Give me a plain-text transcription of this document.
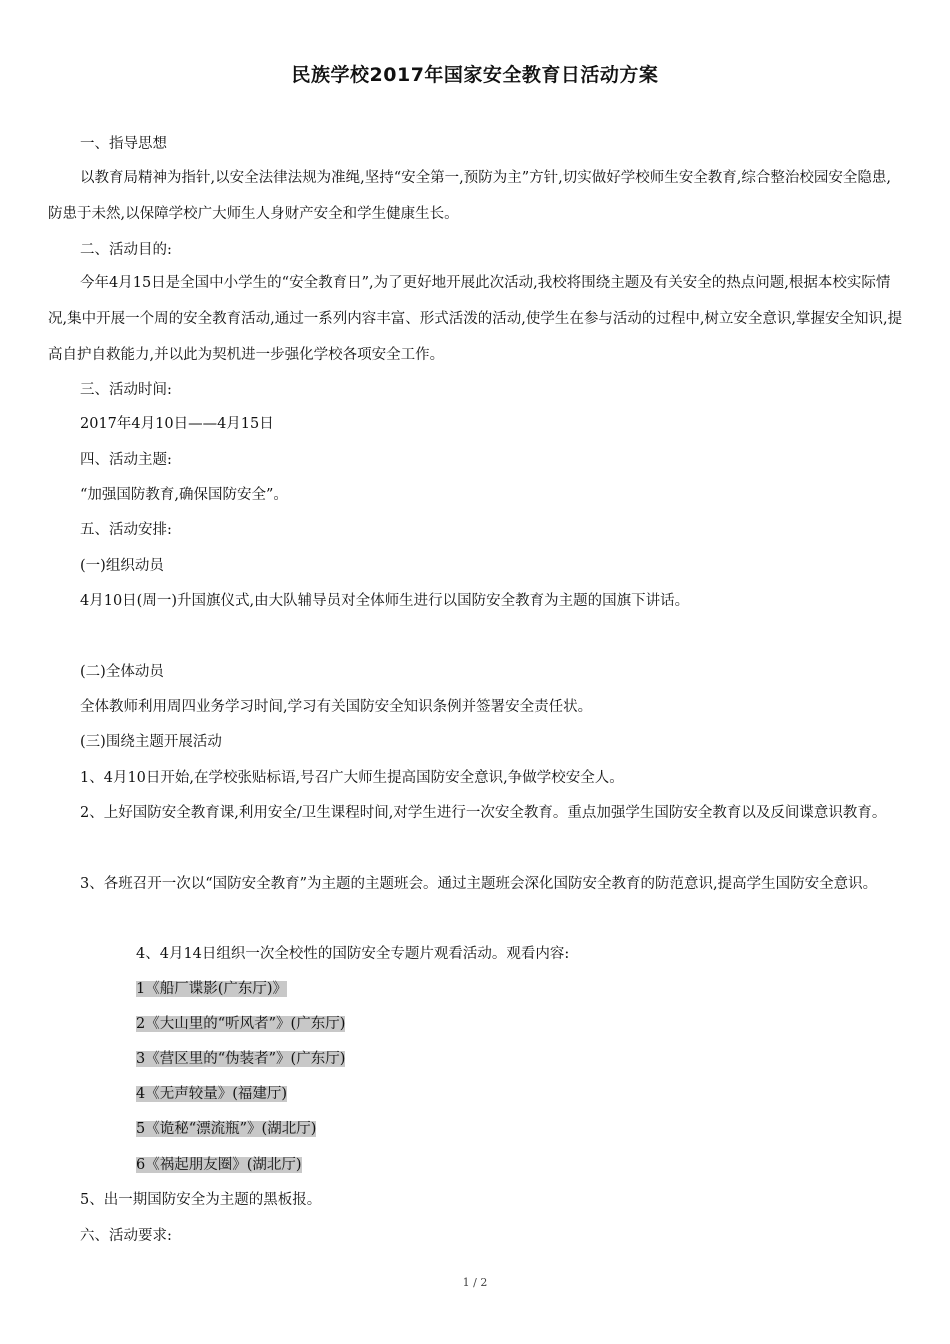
民族学校2017年国家安全教育日活动方案
一、指导思想
以教育局精神为指针,以安全法律法规为准绳,坚持“安全第一,预防为主”方针,切实做好学校师生安全教育,综合整治校园安全隐患,防患于未然,以保障学校广大师生人身财产安全和学生健康生长。
二、活动目的:
今年4月15日是全国中小学生的“安全教育日”,为了更好地开展此次活动,我校将围绕主题及有关安全的热点问题,根据本校实际情况,集中开展一个周的安全教育活动,通过一系列内容丰富、形式活泼的活动,使学生在参与活动的过程中,树立安全意识,掌握安全知识,提高自护自救能力,并以此为契机进一步强化学校各项安全工作。
三、活动时间:
2017年4月10日——4月15日
四、活动主题:
“加强国防教育,确保国防安全”。
五、活动安排:
(一)组织动员
4月10日(周一)升国旗仪式,由大队辅导员对全体师生进行以国防安全教育为主题的国旗下讲话。
(二)全体动员
全体教师利用周四业务学习时间,学习有关国防安全知识条例并签署安全责任状。
(三)围绕主题开展活动
1、4月10日开始,在学校张贴标语,号召广大师生提高国防安全意识,争做学校安全人。
2、上好国防安全教育课,利用安全/卫生课程时间,对学生进行一次安全教育。重点加强学生国防安全教育以及反间谍意识教育。
3、各班召开一次以“国防安全教育”为主题的主题班会。通过主题班会深化国防安全教育的防范意识,提高学生国防安全意识。
4、4月14日组织一次全校性的国防安全专题片观看活动。观看内容:
1《船厂谍影(广东厅)》
2《大山里的“听风者”》(广东厅)
3《营区里的“伪装者”》(广东厅)
4《无声较量》(福建厅)
5《诡秘“漂流瓶”》(湖北厅)
6《祸起朋友圈》(湖北厅)
5、出一期国防安全为主题的黑板报。
六、活动要求:
1 / 2
